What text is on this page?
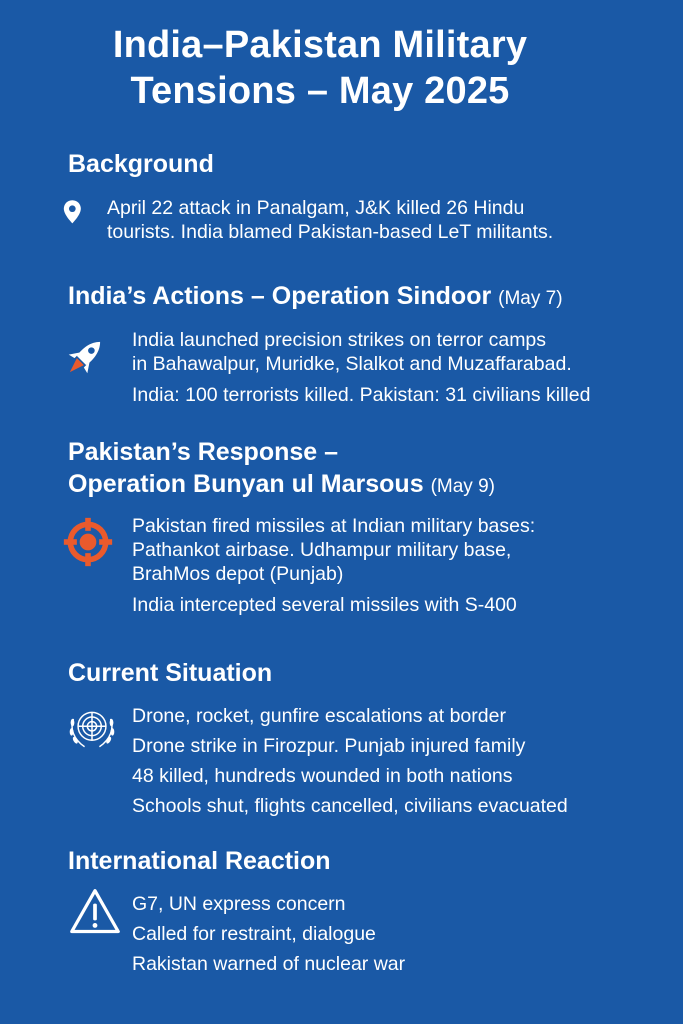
India–Pakistan Military
Tensions – May 2025
Background

April 22 attack in Panalgam, J&K killed 26 Hindu

tourists. India blamed Pakistan-based LeT militants.

India’s Actions – Operation Sindoor (May 7)

India launched precision strikes on terror camps

in Bahawalpur, Muridke, Slalkot and Muzaffarabad.

India: 100 terrorists killed. Pakistan: 31 civilians killed

Pakistan’s Response –
Operation Bunyan ul Marsous (May 9)

Pakistan fired missiles at Indian military bases:

Pathankot airbase. Udhampur military base,

BrahMos depot (Punjab)

India intercepted several missiles with S-400

Current Situation

Drone, rocket, gunfire escalations at border

Drone strike in Firozpur. Punjab injured family

48 killed, hundreds wounded in both nations

Schools shut, flights cancelled, civilians evacuated

International Reaction

G7, UN express concern

Called for restraint, dialogue

Rakistan warned of nuclear war
